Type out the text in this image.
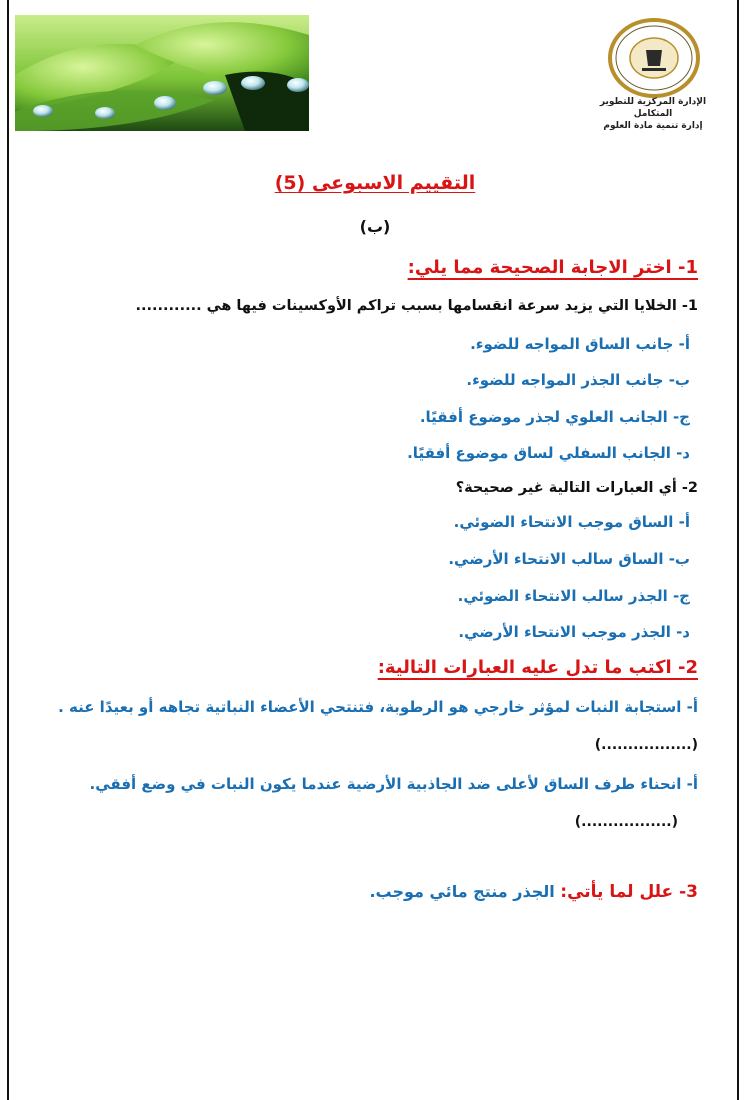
الإدارة المركزية للتطوير المتكامل
إدارة تنمية مادة العلوم
التقييم الاسبوعى (5)
(ب)
1- اختر الاجابة الصحيحة مما يلي:
1- الخلايا التي يزيد سرعة انقسامها بسبب تراكم الأوكسينات فيها هي ............
أ- جانب الساق المواجه للضوء.
ب- جانب الجذر المواجه للضوء.
ج- الجانب العلوي لجذر موضوع أفقيًا.
د- الجانب السفلي لساق موضوع أفقيًا.
2- أي العبارات التالية غير صحيحة؟
أ- الساق موجب الانتحاء الضوئي.
ب- الساق سالب الانتحاء الأرضي.
ج- الجذر سالب الانتحاء الضوئي.
د- الجذر موجب الانتحاء الأرضي.
2- اكتب ما تدل عليه العبارات التالية:
أ- استجابة النبات لمؤثر خارجي هو الرطوبة، فتنتحي الأعضاء النباتية تجاهه أو بعيدًا عنه .
(.................)
أ- انحناء طرف الساق لأعلى ضد الجاذبية الأرضية عندما يكون النبات في وضع أفقي.
(.................)
3- علل لما يأتي: الجذر منتج مائي موجب.
